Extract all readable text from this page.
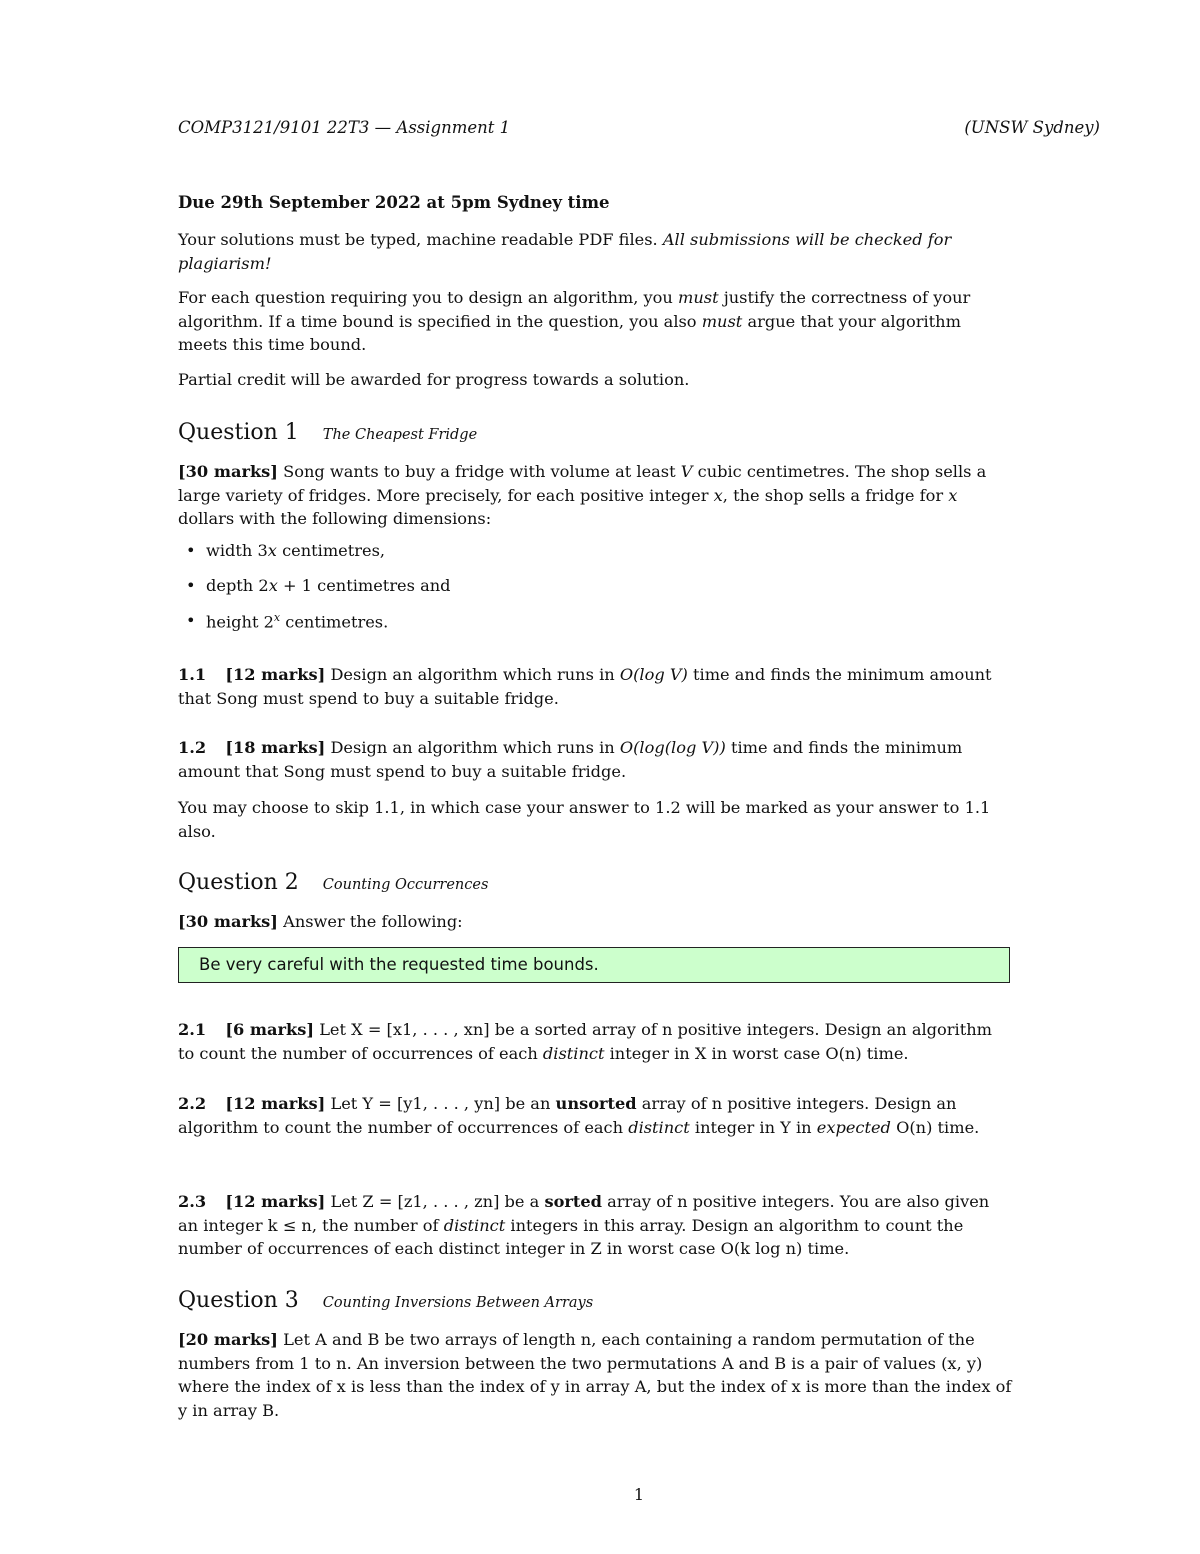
COMP3121/9101 22T3 — Assignment 1	(UNSW Sydney)
Due 29th September 2022 at 5pm Sydney time
Your solutions must be typed, machine readable PDF files. All submissions will be checked for plagiarism!
For each question requiring you to design an algorithm, you must justify the correctness of your algorithm. If a time bound is specified in the question, you also must argue that your algorithm meets this time bound.
Partial credit will be awarded for progress towards a solution.
Question 1 The Cheapest Fridge
[30 marks] Song wants to buy a fridge with volume at least V cubic centimetres. The shop sells a large variety of fridges. More precisely, for each positive integer x, the shop sells a fridge for x dollars with the following dimensions:
• width 3x centimetres,
• depth 2x + 1 centimetres and
• height 2$^x$ centimetres.
1.1 [12 marks] Design an algorithm which runs in O(log V) time and finds the minimum amount that Song must spend to buy a suitable fridge.
1.2 [18 marks] Design an algorithm which runs in O(log(log V)) time and finds the minimum amount that Song must spend to buy a suitable fridge.
You may choose to skip 1.1, in which case your answer to 1.2 will be marked as your answer to 1.1 also.
Question 2 Counting Occurrences
[30 marks] Answer the following:
Be very careful with the requested time bounds.
2.1 [6 marks] Let X = [x1, . . . , xn] be a sorted array of n positive integers. Design an algorithm to count the number of occurrences of each distinct integer in X in worst case O(n) time.
2.2 [12 marks] Let Y = [y1, . . . , yn] be an unsorted array of n positive integers. Design an algorithm to count the number of occurrences of each distinct integer in Y in expected O(n) time.
2.3 [12 marks] Let Z = [z1, . . . , zn] be a sorted array of n positive integers. You are also given an integer k ≤ n, the number of distinct integers in this array. Design an algorithm to count the number of occurrences of each distinct integer in Z in worst case O(k log n) time.
Question 3 Counting Inversions Between Arrays
[20 marks] Let A and B be two arrays of length n, each containing a random permutation of the numbers from 1 to n. An inversion between the two permutations A and B is a pair of values (x, y) where the index of x is less than the index of y in array A, but the index of x is more than the index of y in array B.
1
